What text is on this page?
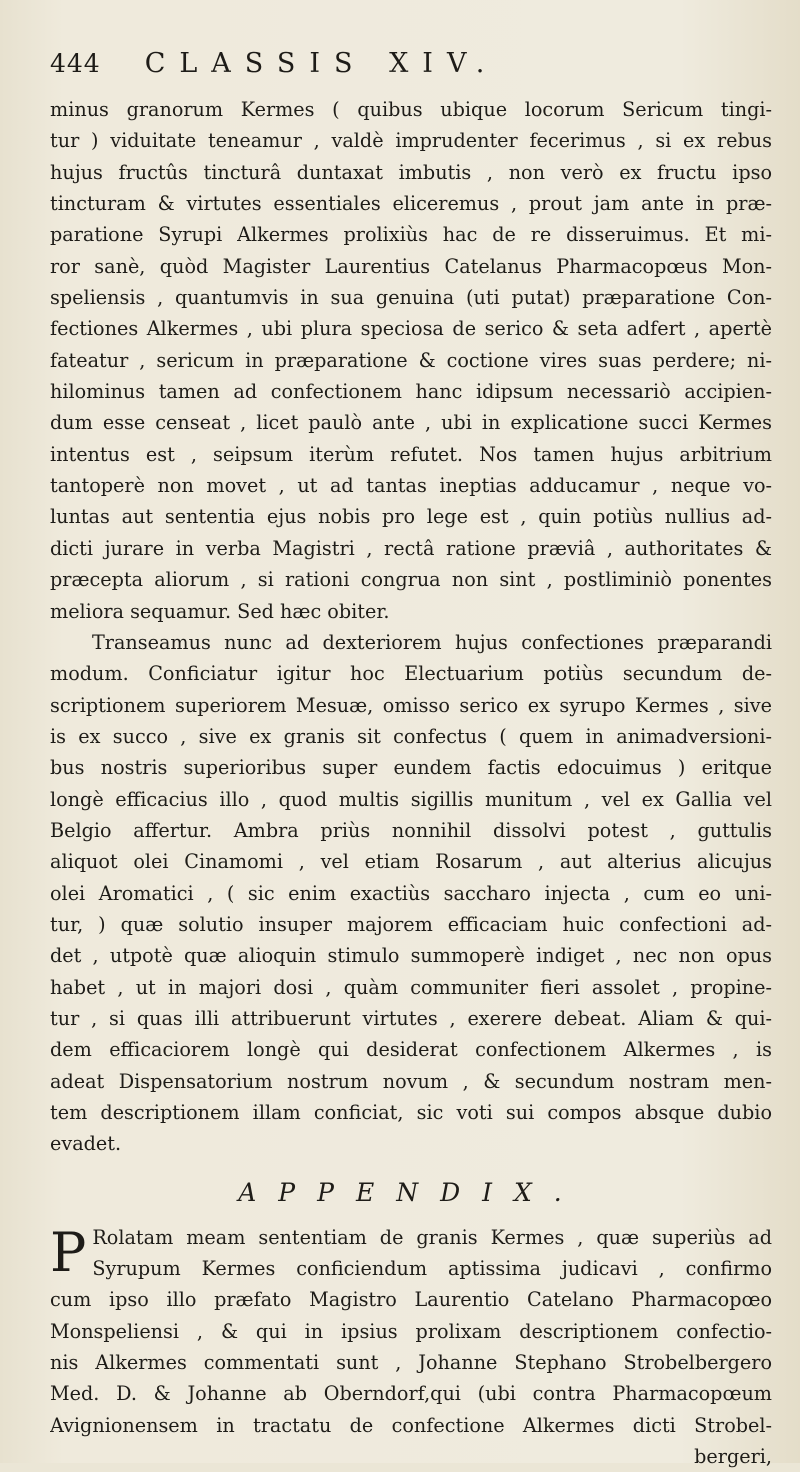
444 CLASSIS XIV.
minus granorum Kermes ( quibus ubique locorum Sericum tingi-
tur ) viduitate teneamur , valdè imprudenter fecerimus , si ex rebus
hujus fructûs tincturâ duntaxat imbutis , non verò ex fructu ipso
tincturam & virtutes essentiales eliceremus , prout jam ante in præ-
paratione Syrupi Alkermes prolixiùs hac de re disseruimus. Et mi-
ror sanè, quòd Magister Laurentius Catelanus Pharmacopœus Mon-
speliensis , quantumvis in sua genuina (uti putat) præparatione Con-
fectiones Alkermes , ubi plura speciosa de serico & seta adfert , apertè
fateatur , sericum in præparatione & coctione vires suas perdere; ni-
hilominus tamen ad confectionem hanc idipsum necessariò accipien-
dum esse censeat , licet paulò ante , ubi in explicatione succi Kermes
intentus est , seipsum iterùm refutet. Nos tamen hujus arbitrium
tantoperè non movet , ut ad tantas ineptias adducamur , neque vo-
luntas aut sententia ejus nobis pro lege est , quin potiùs nullius ad-
dicti jurare in verba Magistri , rectâ ratione præviâ , authoritates &
præcepta aliorum , si rationi congrua non sint , postliminiò ponentes
meliora sequamur. Sed hæc obiter.
Transeamus nunc ad dexteriorem hujus confectiones præparandi
modum. Conficiatur igitur hoc Electuarium potiùs secundum de-
scriptionem superiorem Mesuæ, omisso serico ex syrupo Kermes , sive
is ex succo , sive ex granis sit confectus ( quem in animadversioni-
bus nostris superioribus super eundem factis edocuimus ) eritque
longè efficacius illo , quod multis sigillis munitum , vel ex Gallia vel
Belgio affertur. Ambra priùs nonnihil dissolvi potest , guttulis
aliquot olei Cinamomi , vel etiam Rosarum , aut alterius alicujus
olei Aromatici , ( sic enim exactiùs saccharo injecta , cum eo uni-
tur, ) quæ solutio insuper majorem efficaciam huic confectioni ad-
det , utpotè quæ alioquin stimulo summoperè indiget , nec non opus
habet , ut in majori dosi , quàm communiter fieri assolet , propine-
tur , si quas illi attribuerunt virtutes , exerere debeat. Aliam & qui-
dem efficaciorem longè qui desiderat confectionem Alkermes , is
adeat Dispensatorium nostrum novum , & secundum nostram men-
tem descriptionem illam conficiat, sic voti sui compos absque dubio
evadet.
APPENDIX.
P Rolatam meam sententiam de granis Kermes , quæ superiùs ad
Syrupum Kermes conficiendum aptissima judicavi , confirmo
cum ipso illo præfato Magistro Laurentio Catelano Pharmacopœo
Monspeliensi , & qui in ipsius prolixam descriptionem confectio-
nis Alkermes commentati sunt , Johanne Stephano Strobelbergero
Med. D. & Johanne ab Oberndorf,qui (ubi contra Pharmacopœum
Avignionensem in tractatu de confectione Alkermes dicti Strobel-
bergeri,
